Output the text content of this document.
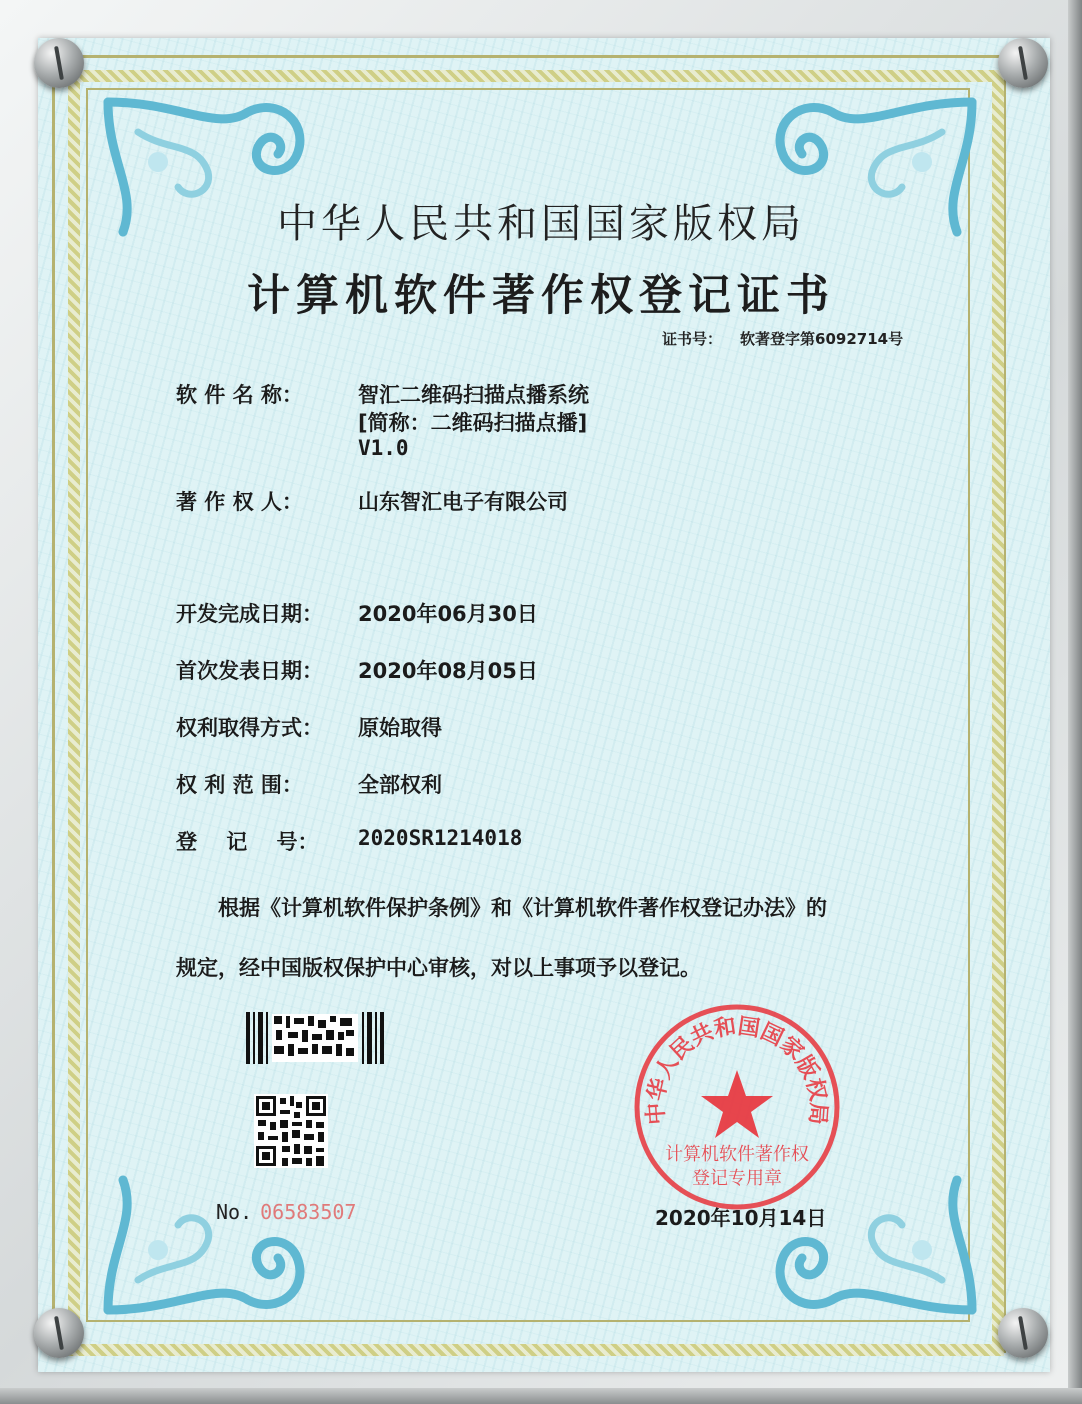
中华人民共和国国家版权局
计算机软件著作权登记证书
证书号： 软著登字第6092714号
软 件 名 称：	智汇二维码扫描点播系统
[简称：二维码扫描点播]
V1.0
著 作 权 人：	山东智汇电子有限公司
开发完成日期： 2020年06月30日
首次发表日期： 2020年08月05日
权利取得方式： 原始取得
权 利 范 围：	全部权利
登    记    号： 2020SR1214018
根据《计算机软件保护条例》和《计算机软件著作权登记办法》的
规定，经中国版权保护中心审核，对以上事项予以登记。
No. 06583507
中华人民共和国国家版权局
计算机软件著作权
登记专用章
2020年10月14日
